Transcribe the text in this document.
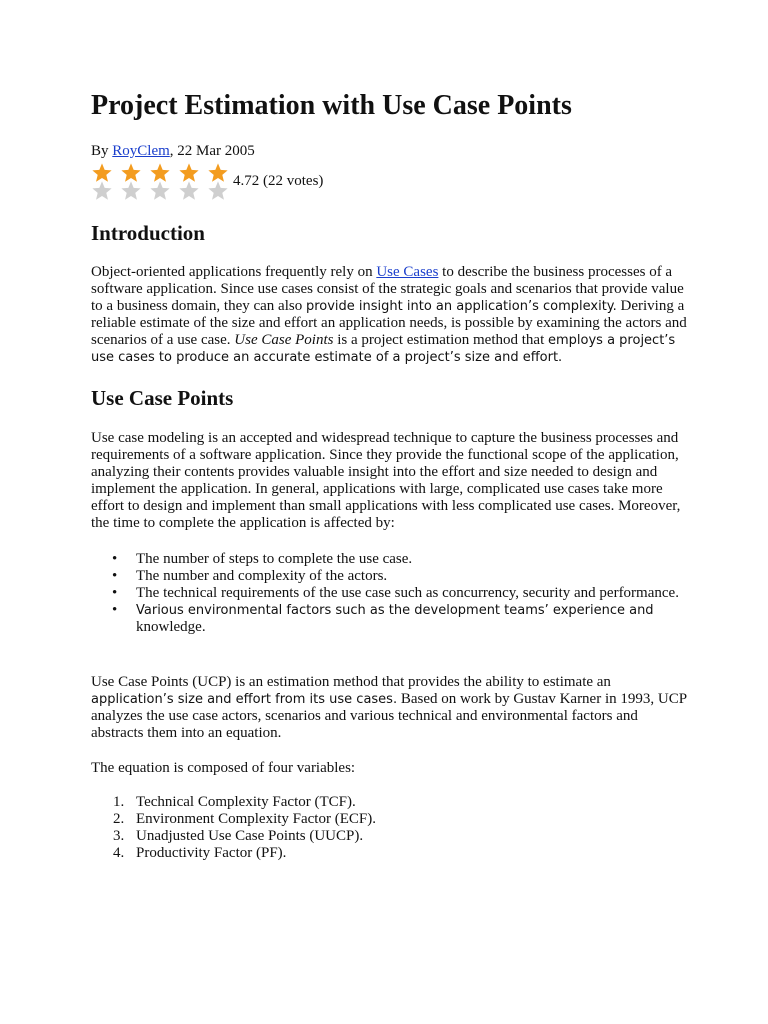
Project Estimation with Use Case Points
By RoyClem, 22 Mar 2005
4.72 (22 votes)
Introduction

Object-oriented applications frequently rely on Use Cases to describe the business processes of a software application. Since use cases consist of the strategic goals and scenarios that provide value to a business domain, they can also provide insight into an application’s complexity. Deriving a reliable estimate of the size and effort an application needs, is possible by examining the actors and scenarios of a use case. Use Case Points is a project estimation method that employs a project’s use cases to produce an accurate estimate of a project’s size and effort.

Use Case Points

Use case modeling is an accepted and widespread technique to capture the business processes and requirements of a software application. Since they provide the functional scope of the application, analyzing their contents provides valuable insight into the effort and size needed to design and implement the application. In general, applications with large, complicated use cases take more effort to design and implement than small applications with less complicated use cases. Moreover, the time to complete the application is affected by:

• The number of steps to complete the use case.
• The number and complexity of the actors.
• The technical requirements of the use case such as concurrency, security and performance.
• Various environmental factors such as the development teams’ experience and
knowledge.

Use Case Points (UCP) is an estimation method that provides the ability to estimate an application’s size and effort from its use cases. Based on work by Gustav Karner in 1993, UCP analyzes the use case actors, scenarios and various technical and environmental factors and abstracts them into an equation.

The equation is composed of four variables:

1. Technical Complexity Factor (TCF).
2. Environment Complexity Factor (ECF).
3. Unadjusted Use Case Points (UUCP).
4. Productivity Factor (PF).
